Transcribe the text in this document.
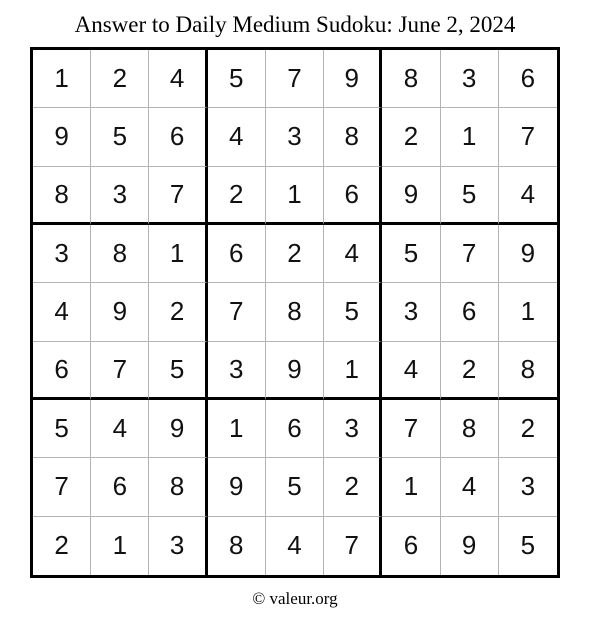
Answer to Daily Medium Sudoku: June 2, 2024
1	2	4	5	7	9	8	3	6
9	5	6	4	3	8	2	1	7
8	3	7	2	1	6	9	5	4
3	8	1	6	2	4	5	7	9
4	9	2	7	8	5	3	6	1
6	7	5	3	9	1	4	2	8
5	4	9	1	6	3	7	8	2
7	6	8	9	5	2	1	4	3
2	1	3	8	4	7	6	9	5
© valeur.org
